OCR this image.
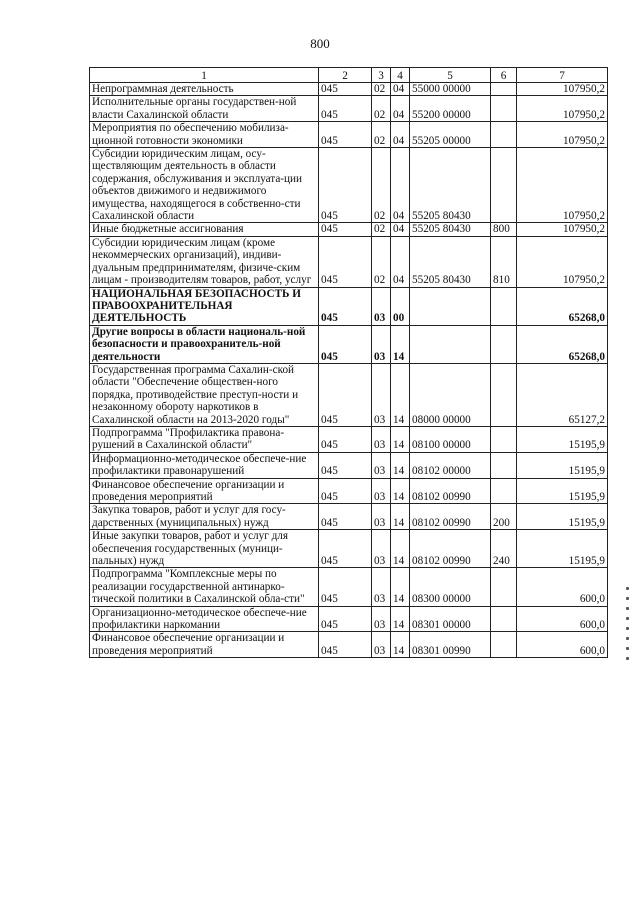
800
1	2	3	4	5	6	7
Непрограммная деятельность	045	02	04	55000 00000		107950,2
Исполнительные органы государствен-ной власти Сахалинской области	045	02	04	55200 00000		107950,2
Мероприятия по обеспечению мобилиза-ционной готовности экономики	045	02	04	55205 00000		107950,2
Субсидии юридическим лицам, осу-ществляющим деятельность в области содержания, обслуживания и эксплуата-ции объектов движимого и недвижимого имущества, находящегося в собственно-сти Сахалинской области	045	02	04	55205 80430		107950,2
Иные бюджетные ассигнования	045	02	04	55205 80430	800	107950,2
Субсидии юридическим лицам (кроме некоммерческих организаций), индиви-дуальным предпринимателям, физиче-ским лицам - производителям товаров, работ, услуг	045	02	04	55205 80430	810	107950,2
НАЦИОНАЛЬНАЯ БЕЗОПАСНОСТЬ И ПРАВООХРАНИТЕЛЬНАЯ ДЕЯТЕЛЬНОСТЬ	045	03	00			65268,0
Другие вопросы в области националь-ной безопасности и правоохранитель-ной деятельности	045	03	14			65268,0
Государственная программа Сахалин-ской области "Обеспечение обществен-ного порядка, противодействие преступ-ности и незаконному обороту наркотиков в Сахалинской области на 2013-2020 годы"	045	03	14	08000 00000		65127,2
Подпрограмма "Профилактика правона-рушений в Сахалинской области"	045	03	14	08100 00000		15195,9
Информационно-методическое обеспече-ние профилактики правонарушений	045	03	14	08102 00000		15195,9
Финансовое обеспечение организации и проведения мероприятий	045	03	14	08102 00990		15195,9
Закупка товаров, работ и услуг для госу-дарственных (муниципальных) нужд	045	03	14	08102 00990	200	15195,9
Иные закупки товаров, работ и услуг для обеспечения государственных (муници-пальных) нужд	045	03	14	08102 00990	240	15195,9
Подпрограмма "Комплексные меры по реализации государственной антинарко-тической политики в Сахалинской обла-сти"	045	03	14	08300 00000		600,0
Организационно-методическое обеспече-ние профилактики наркомании	045	03	14	08301 00000		600,0
Финансовое обеспечение организации и проведения мероприятий	045	03	14	08301 00990		600,0
